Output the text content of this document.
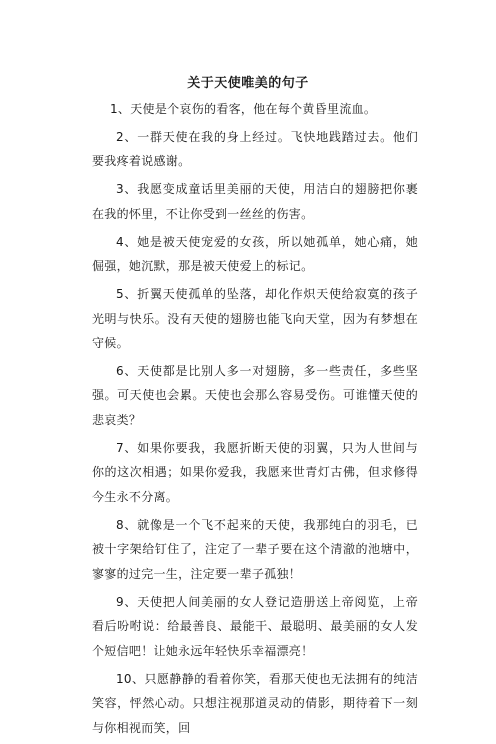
关于天使唯美的句子

1、天使是个哀伤的看客，他在每个黄昏里流血。

2、一群天使在我的身上经过。飞快地践踏过去。他们要我疼着说感谢。

3、我愿变成童话里美丽的天使，用洁白的翅膀把你裹在我的怀里，不让你受到一丝丝的伤害。

4、她是被天使宠爱的女孩，所以她孤单，她心痛，她倔强，她沉默，那是被天使爱上的标记。

5、折翼天使孤单的坠落，却化作炽天使给寂寞的孩子光明与快乐。没有天使的翅膀也能飞向天堂，因为有梦想在守候。

6、天使都是比别人多一对翅膀，多一些责任，多些坚强。可天使也会累。天使也会那么容易受伤。可谁懂天使的悲哀类？

7、如果你要我，我愿折断天使的羽翼，只为人世间与你的这次相遇；如果你爱我，我愿来世青灯古佛，但求修得今生永不分离。

8、就像是一个飞不起来的天使，我那纯白的羽毛，已被十字架给钉住了，注定了一辈子要在这个清澈的池塘中，寥寥的过完一生，注定要一辈子孤独！

9、天使把人间美丽的女人登记造册送上帝阅览，上帝看后吩咐说：给最善良、最能干、最聪明、最美丽的女人发个短信吧！让她永远年轻快乐幸福漂亮！

10、只愿静静的看着你笑，看那天使也无法拥有的纯洁笑容，怦然心动。只想注视那道灵动的倩影，期待着下一刻与你相视而笑，回
